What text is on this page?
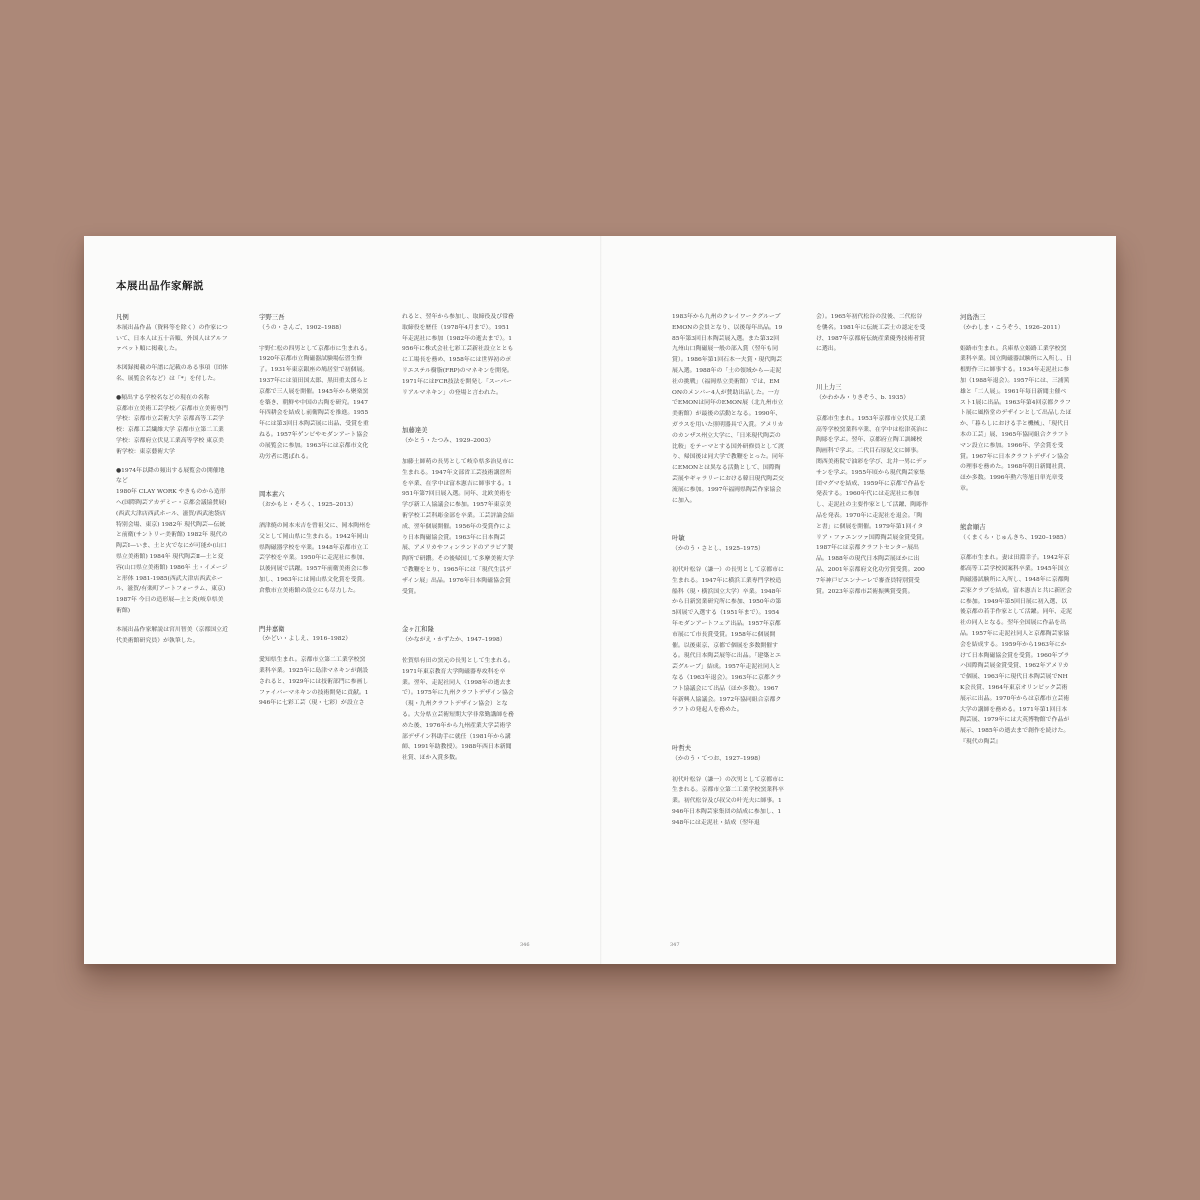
本展出品作家解説
凡例
本展出品作品（資料等を除く）の作家について、日本人は五十音順、外国人はアルファベット順に掲載した。
本図録掲載の年譜に記載のある事項（団体名、展覧会名など）は「*」を付した。
●頻出する学校名などの現在の名称
京都市立美術工芸学校／京都市立美術専門学校：京都市立芸術大学 京都高等工芸学校：京都工芸繊維大学 京都市立第二工業学校：京都府立伏見工業高等学校 東京美術学校：東京藝術大学
●1974年以降の頻出する展覧会の開催地など
1980年 CLAY WORK やきものから造形へ(国際陶芸アカデミー・京都会議協賛展)(西武大津店西武ホール、滋賀/西武池袋店特別会場、東京) 1982年 現代陶芸—伝統と前衛(サントリー美術館) 1982年 現代の陶芸Ⅰ—いま、土と火でなにが可能か(山口県立美術館) 1984年 現代陶芸Ⅱ—土と変容(山口県立美術館) 1986年 土・イメージと形体 1981-1985(西武大津店西武ホール、滋賀/有楽町アートフォーラム、東京) 1987年 今日の造形展—土と炎(岐阜県美術館)
本展出品作家解説は宮川智美（京都国立近代美術館研究員）が執筆した。
宇野三吾
（うの・さんご、1902–1988）
宇野仁松の四男として京都市に生まれる。1920年京都市立陶磁器試験場伝習生修了。1931年東京銀座の鳩居堂で初個展。1937年には須田国太郎、黒田重太郎らと京都で三人展を開催。1945年から聚楽窯を築き、朝鮮や中国の古陶を研究。1947年四耕会を結成し前衛陶芸を推進。1955年には第3回日本陶芸展に出品、受賞を重ねる。1957年ゲンビやモダンアート協会の展覧会に参加。1963年には京都市文化功労者に選ばれる。
岡本素六
（おかもと・そろく、1925–2013）
酒津焼の岡本末吉を曾祖父に、岡本陶州を父として岡山県に生まれる。1942年岡山県陶磁器学校を卒業。1948年京都市立工芸学校を卒業。1950年に走泥社に参加、以後同展で活躍。1957年前衛美術会に参加し、1963年には岡山県文化賞を受賞。倉敷市立美術館の設立にも尽力した。
門井嘉衛
（かどい・よしえ、1916–1982）
愛知県生まれ。京都市立第二工業学校窯業科卒業。1925年に島津マネキンが創設されると、1929年には技術部門に参画しファイバーマネキンの技術開発に貢献。1946年に七彩工芸（現・七彩）が設立さ
れると、翌年から参加し、取締役及び常務取締役を歴任（1978年4月まで）。1951年走泥社に参加（1982年の逝去まで）。1956年に株式会社七彩工芸新社設立とともに工場長を務め、1958年には世界初のポリエステル樹脂(FRP)のマネキンを開発。1971年にはFCR技法を開発し「スーパーリアルマネキン」の登場と言われた。
加藤達美
（かとう・たつみ、1929–2003）
加藤土師萌の長男として岐阜県多治見市に生まれる。1947年文部省工芸技術講習所を卒業、在学中は富本憲吉に師事する。1951年第7回日展入選。同年、北欧美術を学び新工人協議会に参加。1957年東京美術学校工芸科彫金部を卒業。工芸評論会結成、翌年個展開催。1956年の受賞作により日本陶磁協会賞。1963年に日本陶芸展、アメリカやフィンランドのアラビア製陶所で研鑽。その後帰国して多摩美術大学で教鞭をとり、1965年には「現代生活デザイン展」出品。1976年日本陶磁協会賞受賞。
金ヶ江和隆
（かながえ・かずたか、1947–1998）
佐賀県有田の窯元の長男として生まれる。1971年東京教育大学陶磁器専攻科を卒業。翌年、走泥社同人（1998年の逝去まで）。1975年に九州クラフトデザイン協会（現・九州クラフトデザイン協会）となる。大分県立芸術短期大学非常勤講師を務めた後、1976年から九州産業大学芸術学部デザイン科助手に就任（1981年から講師、1991年助教授）。1988年西日本新聞社賞、ほか入賞多数。
1983年から九州のクレイワークグループEMONの会員となり、以後毎年出品。1985年第3回日本陶芸展入選。また第32回九州山口陶磁展一般の部入賞（翌年も同賞）。1986年第1回石本一夫賞・現代陶芸展入選。1988年の「土の領域から—走泥社の挑戦」（福岡県立美術館）では、EMONのメンバー4人が賛助出品した。一方でEMONは同年のEMON展（北九州市立美術館）が最後の活動となる。1990年、ガラスを用いた照明器具で入賞。アメリカのカンザス州立大学に、「日米現代陶芸の比較」をテーマとする国外研修員として渡り、帰国後は同大学で教鞭をとった。同年にEMONとは異なる活動として、国際陶芸展やギャラリーにおける韓日現代陶芸交流展に参加。1997年福岡県陶芸作家協会に加入。
叶敏
（かのう・さとし、1925–1975）
初代叶松谷（謙一）の長男として京都市に生まれる。1947年に横浜工業専門学校造船科（現・横浜国立大学）卒業。1948年から日新窯業研究所に参加、1950年の第5回展で入選する（1951年まで）。1954年モダンアートフェア出品。1957年京都市展にて市長賞受賞。1958年に個展開催。以後東京、京都で個展を多数開催する。現代日本陶芸展等に出品。「建築とエ芸グループ」結成。1957年走泥社同人となる（1963年退会）。1963年に京都クラフト協議会にて出品（ほか多数）。1967年新興人協議会。1972年協同組合京都クラフトの発起人を務めた。
叶哲夫
（かのう・てつお、1927–1998）
初代叶松谷（謙一）の次男として京都市に生まれる。京都市立第二工業学校窯業科卒業。初代松谷及び叔父の叶光夫に師事。1946年日本陶芸家集団の結成に参加し、1948年には走泥社・結成（翌年退
会）。1965年初代松谷の没後、二代松谷を襲名。1981年に伝統工芸士の認定を受け、1987年京都府伝統産業優秀技術者賞に選出。
川上力三
（かわかみ・りきぞう、b. 1935）
京都市生まれ。1953年京都市立伏見工業高等学校窯業科卒業、在学中は松津英治に陶彫を学ぶ。翌年、京都府立陶工訓練校陶画科で学ぶ。二代目石原紀文に師事。関西美術院で油彩を学び、北井一男にデッサンを学ぶ。1955年頃から現代陶芸家集団マグマを結成、1959年に京都で作品を発表する。1960年代には走泥社に参加し、走泥社の主要作家として活躍、陶彫作品を発表。1970年に走泥社を退会。「陶と書」に個展を開催。1979年第1回イタリア・ファエンツァ国際陶芸展金賞受賞。1987年には京都クラフトセンター展出品。1988年の現代日本陶芸展ほかに出品、2001年京都府文化功労賞受賞。2007年神戸ビエンナーレで審査員特別賞受賞。2023年京都市芸術振興賞受賞。
河島浩三
（かわしま・こうぞう、1926–2011）
姫路市生まれ。兵庫県立姫路工業学校窯業科卒業。国立陶磁器試験所に入所し、日根野作三に師事する。1934年走泥社に参加（1988年退会）。1957年には、三浦篤雄と「二人展」。1961年毎日新聞主催ベスト1展に出品。1963年第4回京都クラフト展に風格堂のデザインとして出品したほか、「暮らしにおける手と機械」、「現代日本の工芸」展、1965年協同組合クラフトマン設立に参加。1966年、学会賞を受賞。1967年に日本クラフトデザイン協会の理事を務めた。1968年朝日新聞社賞、ほか多数。1996年勲六等旭日単光章受章。
熊倉順吉
（くまくら・じゅんきち、1920–1985）
京都市生まれ。妻は田淵幸子。1942年京都高等工芸学校図案科卒業。1945年国立陶磁器試験所に入所し、1948年に京都陶芸家クラブを結成。富本憲吉と共に新匠会に参加。1949年第5回日展に初入選、以後京都の若手作家として活躍。同年、走泥社の同人となる。翌年全国展に作品を出品。1957年に走泥社同人と京都陶芸家協会を結成する。1959年から1963年にかけて日本陶磁協会賞を受賞。1960年プラハ国際陶芸展金賞受賞、1962年アメリカで個展、1963年に現代日本陶芸展でNHK会長賞、1964年東京オリンピック芸術展示に出品。1970年からは京都市立芸術大学の講師を務める。1971年第1回日本陶芸展、1979年には大英博物館で作品が展示、1985年の逝去まで創作を続けた。『現代の陶芸』
346	347
